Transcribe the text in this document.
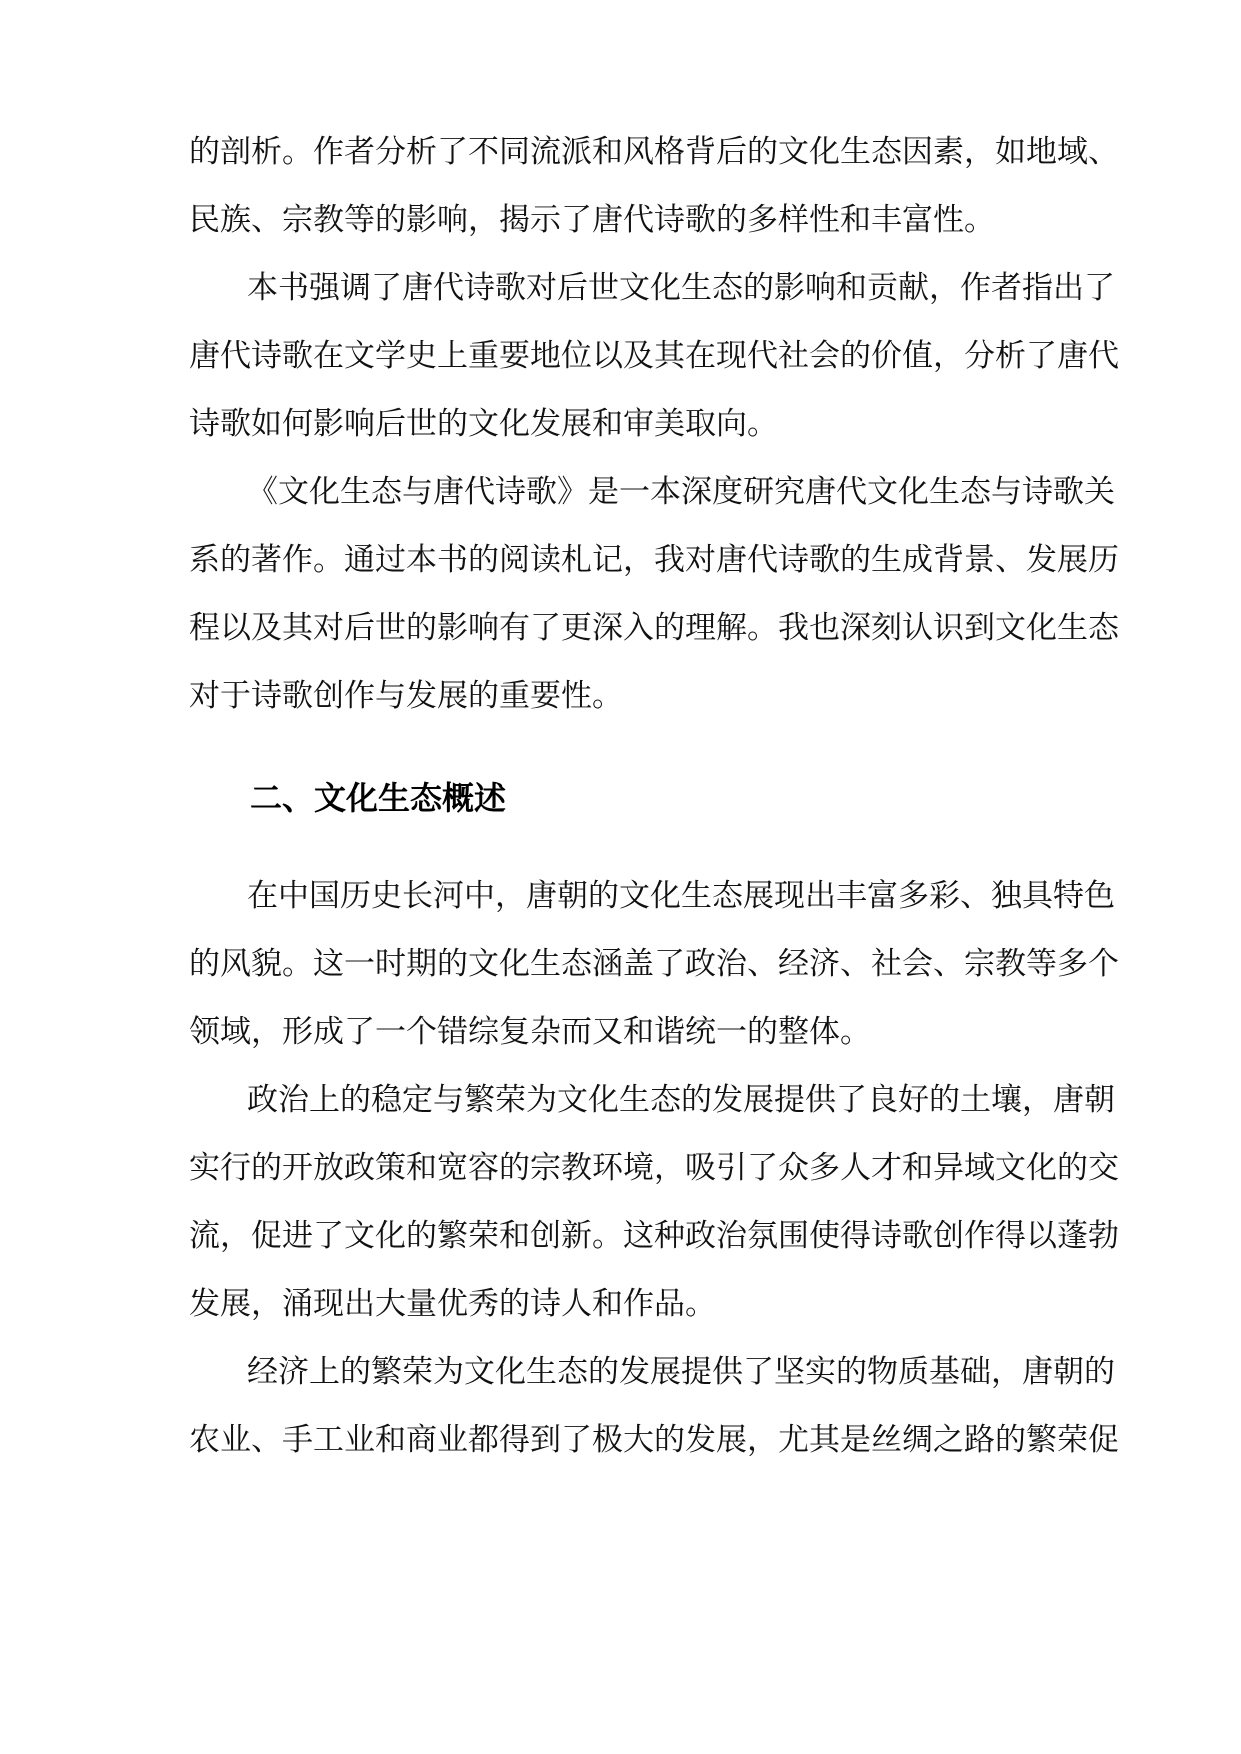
的剖析。作者分析了不同流派和风格背后的文化生态因素，如地域、
民族、宗教等的影响，揭示了唐代诗歌的多样性和丰富性。
本书强调了唐代诗歌对后世文化生态的影响和贡献，作者指出了
唐代诗歌在文学史上重要地位以及其在现代社会的价值，分析了唐代
诗歌如何影响后世的文化发展和审美取向。
《文化生态与唐代诗歌》是一本深度研究唐代文化生态与诗歌关
系的著作。通过本书的阅读札记，我对唐代诗歌的生成背景、发展历
程以及其对后世的影响有了更深入的理解。我也深刻认识到文化生态
对于诗歌创作与发展的重要性。
二、文化生态概述
在中国历史长河中，唐朝的文化生态展现出丰富多彩、独具特色
的风貌。这一时期的文化生态涵盖了政治、经济、社会、宗教等多个
领域，形成了一个错综复杂而又和谐统一的整体。
政治上的稳定与繁荣为文化生态的发展提供了良好的土壤，唐朝
实行的开放政策和宽容的宗教环境，吸引了众多人才和异域文化的交
流，促进了文化的繁荣和创新。这种政治氛围使得诗歌创作得以蓬勃
发展，涌现出大量优秀的诗人和作品。
经济上的繁荣为文化生态的发展提供了坚实的物质基础，唐朝的
农业、手工业和商业都得到了极大的发展，尤其是丝绸之路的繁荣促
